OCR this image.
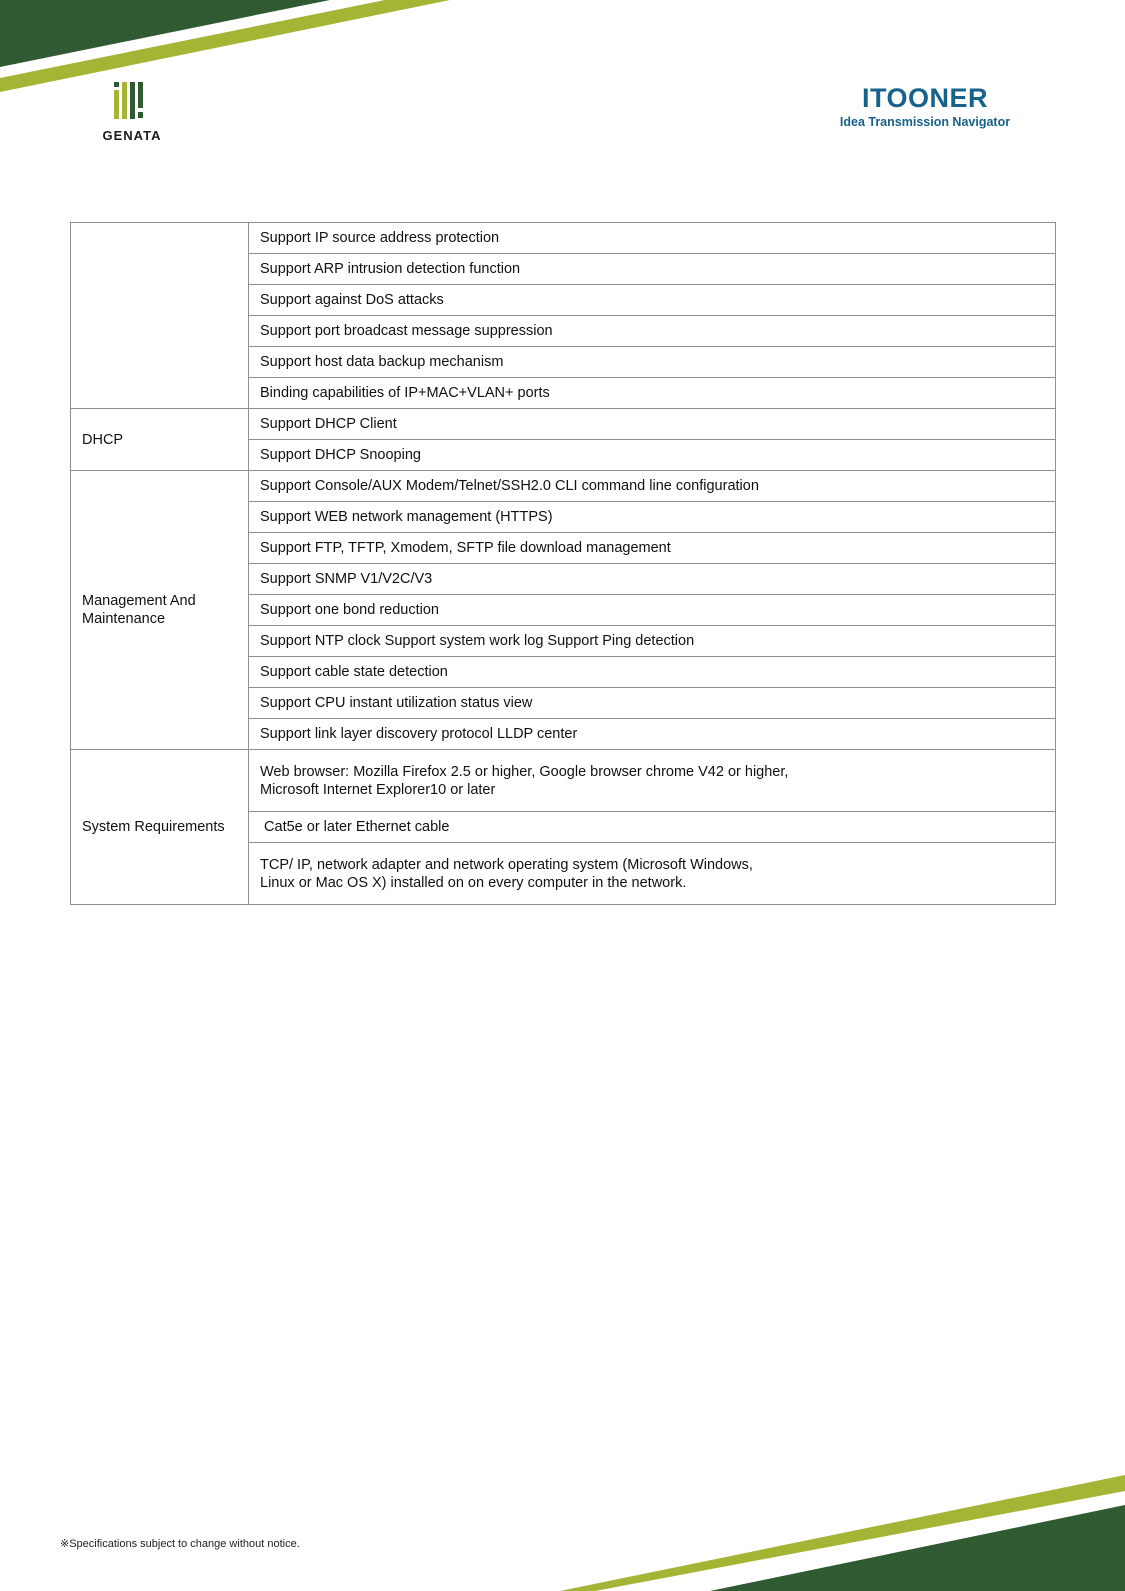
GENATA
ITOONER
Idea Transmission Navigator
	Support IP source address protection
	Support ARP intrusion detection function
	Support against DoS attacks
	Support port broadcast message suppression
	Support host data backup mechanism
	Binding capabilities of IP+MAC+VLAN+ ports
DHCP	Support DHCP Client
	Support DHCP Snooping
Management And Maintenance	Support Console/AUX Modem/Telnet/SSH2.0 CLI command line configuration
	Support WEB network management (HTTPS)
	Support FTP, TFTP, Xmodem, SFTP file download management
	Support SNMP V1/V2C/V3
	Support one bond reduction
	Support NTP clock Support system work log Support Ping detection
	Support cable state detection
	Support CPU instant utilization status view
	Support link layer discovery protocol LLDP center
System Requirements	Web browser: Mozilla Firefox 2.5 or higher, Google browser chrome V42 or higher,
Microsoft Internet Explorer10 or later
	Cat5e or later Ethernet cable
	TCP/ IP, network adapter and network operating system (Microsoft Windows,
Linux or Mac OS X) installed on on every computer in the network.
※Specifications subject to change without notice.
